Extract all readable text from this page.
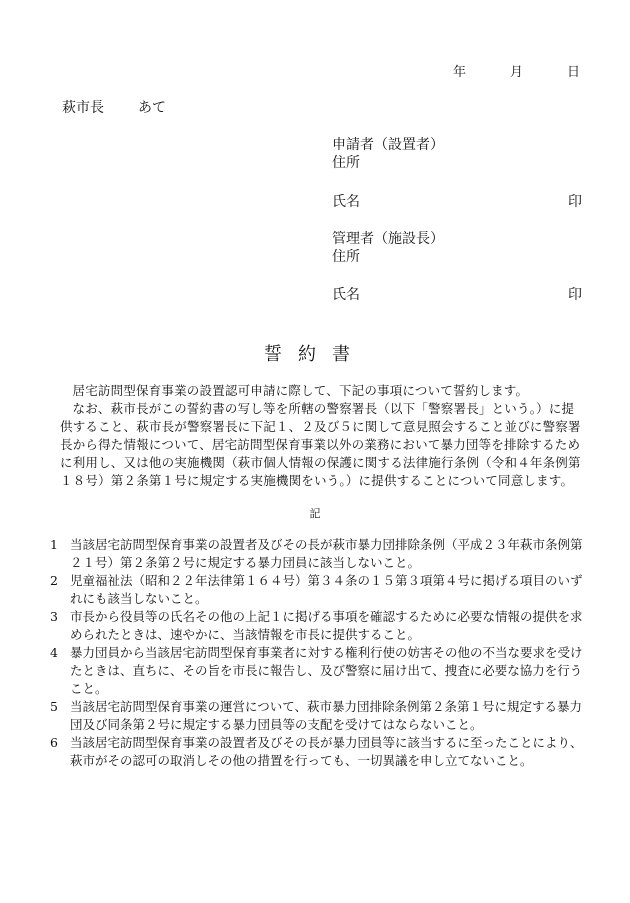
年	月	日
萩市長 あて
申請者（設置者）
住所
氏名	印
管理者（施設長）
住所
氏名	印
誓約書

居宅訪問型保育事業の設置認可申請に際して、下記の事項について誓約します。

なお、萩市長がこの誓約書の写し等を所轄の警察署長（以下「警察署長」という。）に提供すること、萩市長が警察署長に下記１、２及び５に関して意見照会すること並びに警察署長から得た情報について、居宅訪問型保育事業以外の業務において暴力団等を排除するために利用し、又は他の実施機関（萩市個人情報の保護に関する法律施行条例（令和４年条例第１８号）第２条第１号に規定する実施機関をいう。）に提供することについて同意します。

記
1 当該居宅訪問型保育事業の設置者及びその長が萩市暴力団排除条例（平成２３年萩市条例第２１号）第２条第２号に規定する暴力団員に該当しないこと。
2 児童福祉法（昭和２２年法律第１６４号）第３４条の１５第３項第４号に掲げる項目のいずれにも該当しないこと。
3 市長から役員等の氏名その他の上記１に掲げる事項を確認するために必要な情報の提供を求められたときは、速やかに、当該情報を市長に提供すること。
4 暴力団員から当該居宅訪問型保育事業者に対する権利行使の妨害その他の不当な要求を受けたときは、直ちに、その旨を市長に報告し、及び警察に届け出て、捜査に必要な協力を行うこと。
5 当該居宅訪問型保育事業の運営について、萩市暴力団排除条例第２条第１号に規定する暴力団及び同条第２号に規定する暴力団員等の支配を受けてはならないこと。
6 当該居宅訪問型保育事業の設置者及びその長が暴力団員等に該当するに至ったことにより、萩市がその認可の取消しその他の措置を行っても、一切異議を申し立てないこと。
